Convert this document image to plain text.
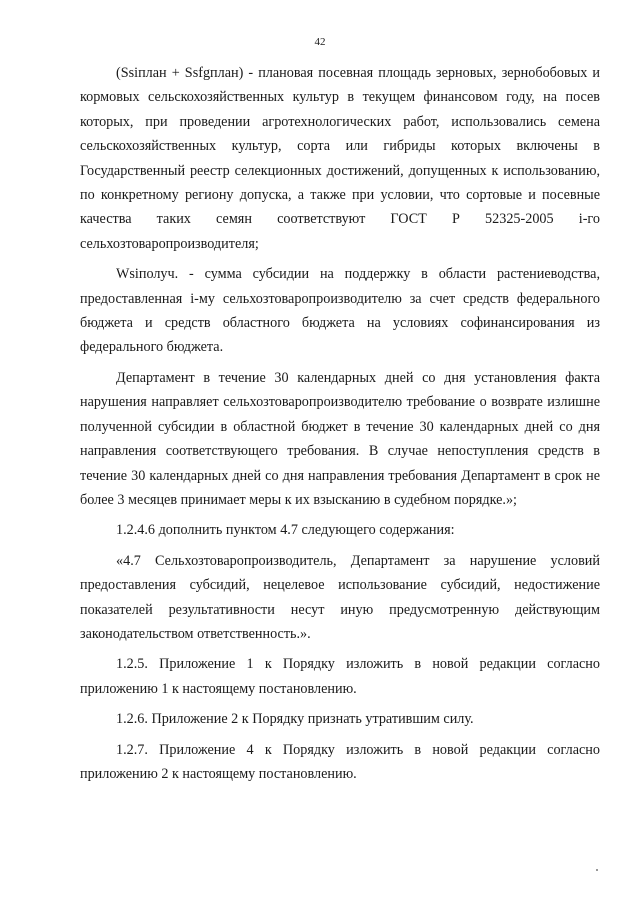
42

(Ssiплан + Ssfgплан) - плановая посевная площадь зерновых, зернобобовых и кормовых сельскохозяйственных культур в текущем финансовом году, на посев которых, при проведении агротехнологических работ, использовались семена сельскохозяйственных культур, сорта или гибриды которых включены в Государственный реестр селекционных достижений, допущенных к использованию, по конкретному региону допуска, а также при условии, что сортовые и посевные качества таких семян соответствуют ГОСТ Р 52325-2005 i-го сельхозтоваропроизводителя;

Wsiполуч. - сумма субсидии на поддержку в области растениеводства, предоставленная i-му сельхозтоваропроизводителю за счет средств федерального бюджета и средств областного бюджета на условиях софинансирования из федерального бюджета.

Департамент в течение 30 календарных дней со дня установления факта нарушения направляет сельхозтоваропроизводителю требование о возврате излишне полученной субсидии в областной бюджет в течение 30 календарных дней со дня направления соответствующего требования. В случае непоступления средств в течение 30 календарных дней со дня направления требования Департамент в срок не более 3 месяцев принимает меры к их взысканию в судебном порядке.»;

1.2.4.6 дополнить пунктом 4.7 следующего содержания:

«4.7 Сельхозтоваропроизводитель, Департамент за нарушение условий предоставления субсидий, нецелевое использование субсидий, недостижение показателей результативности несут иную предусмотренную действующим законодательством ответственность.».

1.2.5. Приложение 1 к Порядку изложить в новой редакции согласно приложению 1 к настоящему постановлению.

1.2.6. Приложение 2 к Порядку признать утратившим силу.

1.2.7. Приложение 4 к Порядку изложить в новой редакции согласно приложению 2 к настоящему постановлению.
